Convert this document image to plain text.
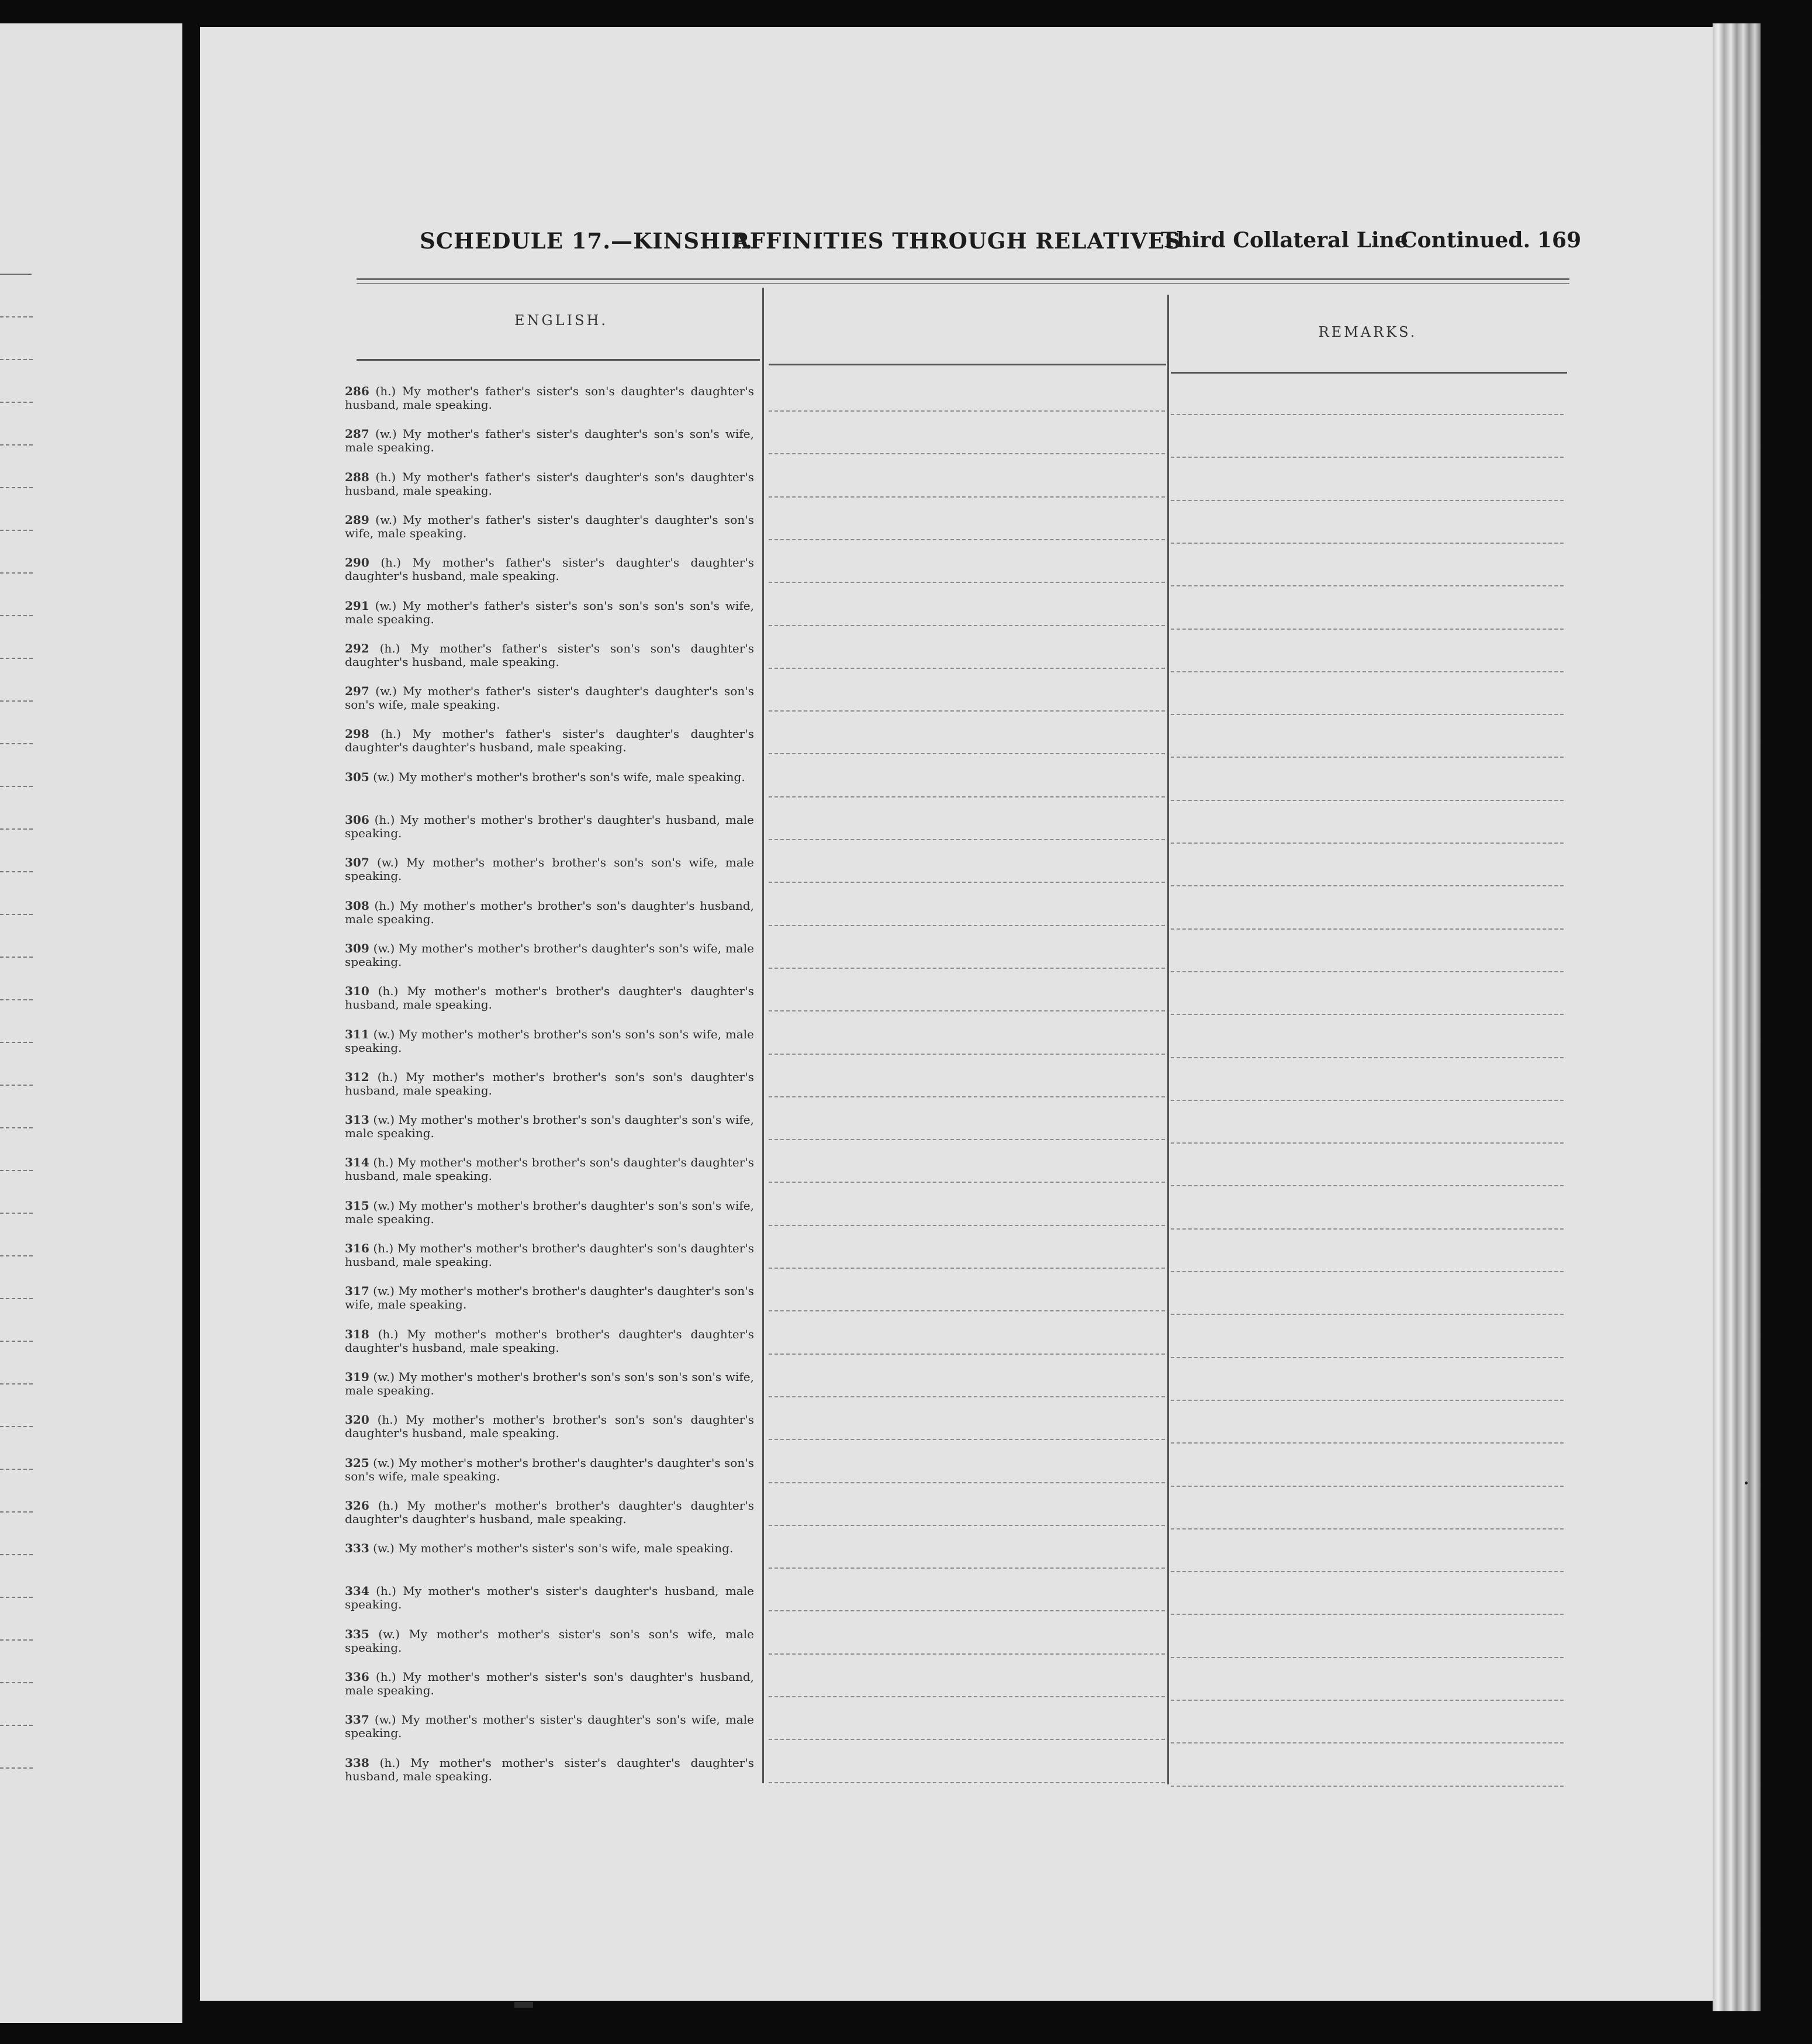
SCHEDULE 17.—KINSHIP.
AFFINITIES THROUGH RELATIVES
Third Collateral Line
Continued. 169
ENGLISH.
REMARKS.
286 (h.) My mother's father's sister's son's daughter's daughter's husband, male speaking.
287 (w.) My mother's father's sister's daughter's son's son's wife, male speaking.
288 (h.) My mother's father's sister's daughter's son's daughter's husband, male speaking.
289 (w.) My mother's father's sister's daughter's daughter's son's wife, male speaking.
290 (h.) My mother's father's sister's daughter's daughter's daughter's husband, male speaking.
291 (w.) My mother's father's sister's son's son's son's son's wife, male speaking.
292 (h.) My mother's father's sister's son's son's daughter's daughter's husband, male speaking.
297 (w.) My mother's father's sister's daughter's daughter's son's son's wife, male speaking.
298 (h.) My mother's father's sister's daughter's daughter's daughter's daughter's husband, male speaking.
305 (w.) My mother's mother's brother's son's wife, male speaking.
306 (h.) My mother's mother's brother's daughter's husband, male speaking.
307 (w.) My mother's mother's brother's son's son's wife, male speaking.
308 (h.) My mother's mother's brother's son's daughter's husband, male speaking.
309 (w.) My mother's mother's brother's daughter's son's wife, male speaking.
310 (h.) My mother's mother's brother's daughter's daughter's husband, male speaking.
311 (w.) My mother's mother's brother's son's son's son's wife, male speaking.
312 (h.) My mother's mother's brother's son's son's daughter's husband, male speaking.
313 (w.) My mother's mother's brother's son's daughter's son's wife, male speaking.
314 (h.) My mother's mother's brother's son's daughter's daughter's husband, male speaking.
315 (w.) My mother's mother's brother's daughter's son's son's wife, male speaking.
316 (h.) My mother's mother's brother's daughter's son's daughter's husband, male speaking.
317 (w.) My mother's mother's brother's daughter's daughter's son's wife, male speaking.
318 (h.) My mother's mother's brother's daughter's daughter's daughter's husband, male speaking.
319 (w.) My mother's mother's brother's son's son's son's son's wife, male speaking.
320 (h.) My mother's mother's brother's son's son's daughter's daughter's husband, male speaking.
325 (w.) My mother's mother's brother's daughter's daughter's son's son's wife, male speaking.
326 (h.) My mother's mother's brother's daughter's daughter's daughter's daughter's husband, male speaking.
333 (w.) My mother's mother's sister's son's wife, male speaking.
334 (h.) My mother's mother's sister's daughter's husband, male speaking.
335 (w.) My mother's mother's sister's son's son's wife, male speaking.
336 (h.) My mother's mother's sister's son's daughter's husband, male speaking.
337 (w.) My mother's mother's sister's daughter's son's wife, male speaking.
338 (h.) My mother's mother's sister's daughter's daughter's husband, male speaking.
